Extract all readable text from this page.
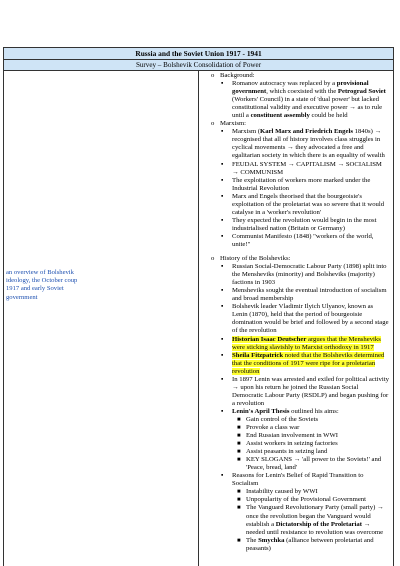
Russia and the Soviet Union 1917 - 1941
Survey – Bolshevik Consolidation of Power

an overview of Bolshevik ideology, the October coup 1917 and early Soviet government

o Background:
▪ Romanov autocracy was replaced by a provisional government, which coexisted with the Petrograd Soviet (Workers' Council) in a state of 'dual power' but lacked constitutional validity and executive power → as to rule until a constituent assembly could be held
o Marxism:
▪ Marxism (Karl Marx and Friedrich Engels 1840s) → recognised that all of history involves class struggles in cyclical movements → they advocated a free and egalitarian society in which there is an equality of wealth
▪ FEUDAL SYSTEM → CAPITALISM → SOCIALISM → COMMUNISM
▪ The exploitation of workers more marked under the Industrial Revolution
▪ Marx and Engels theorised that the bourgeoisie's exploitation of the proletariat was so severe that it would catalyse in a 'worker's revolution'
▪ They expected the revolution would begin in the most industrialised nation (Britain or Germany)
▪ Communist Manifesto (1848) "workers of the world, unite!"
o History of the Bolsheviks:
▪ Russian Social-Democratic Labour Party (1898) split into the Mensheviks (minority) and Bolsheviks (majority) factions in 1903
▪ Mensheviks sought the eventual introduction of socialism and broad membership
▪ Bolshevik leader Vladimir Ilyich Ulyanov, known as Lenin (1870), held that the period of bourgeoisie domination would be brief and followed by a second stage of the revolution
▪ Historian Isaac Deutscher argues that the Mensheviks were sticking slavishly to Marxist orthodoxy in 1917
▪ Sheila Fitzpatrick noted that the Bolsheviks determined that the conditions of 1917 were ripe for a proletarian revolution
▪ In 1897 Lenin was arrested and exiled for political activity → upon his return he joined the Russian Social Democratic Labour Party (RSDLP) and began pushing for a revolution
▪ Lenin's April Thesis outlined his aims:
■ Gain control of the Soviets
■ Provoke a class war
■ End Russian involvement in WWI
■ Assist workers in seizing factories
■ Assist peasants in seizing land
■ KEY SLOGANS → 'all power to the Soviets!' and 'Peace, bread, land'
▪ Reasons for Lenin's Belief of Rapid Transition to Socialism
■ Instability caused by WWI
■ Unpopularity of the Provisional Government
■ The Vanguard Revolutionary Party (small party) → once the revolution began the Vanguard would establish a Dictatorship of the Proletariat → needed until resistance to revolution was overcome
■ The Smychka (alliance between proletariat and peasants)
